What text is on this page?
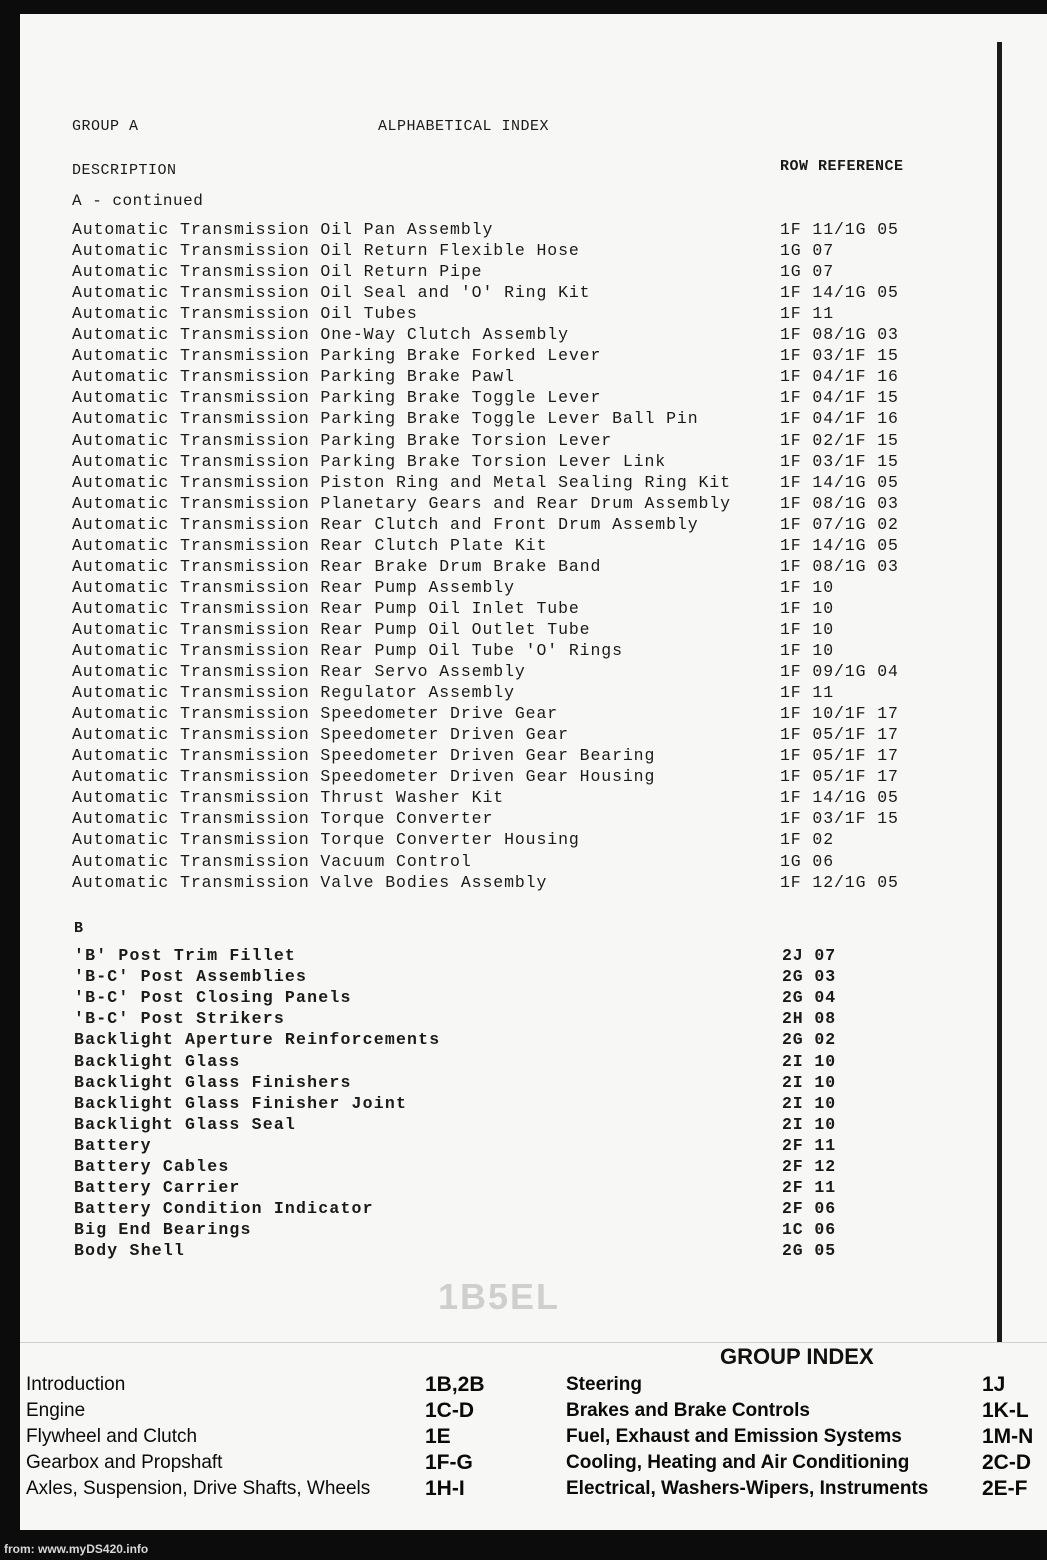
GROUP A	ALPHABETICAL INDEX
DESCRIPTION	ROW REFERENCE
A - continued
Automatic Transmission Oil Pan Assembly	1F 11/1G 05
Automatic Transmission Oil Return Flexible Hose	1G 07
Automatic Transmission Oil Return Pipe	1G 07
Automatic Transmission Oil Seal and 'O' Ring Kit	1F 14/1G 05
Automatic Transmission Oil Tubes	1F 11
Automatic Transmission One-Way Clutch Assembly	1F 08/1G 03
Automatic Transmission Parking Brake Forked Lever	1F 03/1F 15
Automatic Transmission Parking Brake Pawl	1F 04/1F 16
Automatic Transmission Parking Brake Toggle Lever	1F 04/1F 15
Automatic Transmission Parking Brake Toggle Lever Ball Pin	1F 04/1F 16
Automatic Transmission Parking Brake Torsion Lever	1F 02/1F 15
Automatic Transmission Parking Brake Torsion Lever Link	1F 03/1F 15
Automatic Transmission Piston Ring and Metal Sealing Ring Kit	1F 14/1G 05
Automatic Transmission Planetary Gears and Rear Drum Assembly	1F 08/1G 03
Automatic Transmission Rear Clutch and Front Drum Assembly	1F 07/1G 02
Automatic Transmission Rear Clutch Plate Kit	1F 14/1G 05
Automatic Transmission Rear Brake Drum Brake Band	1F 08/1G 03
Automatic Transmission Rear Pump Assembly	1F 10
Automatic Transmission Rear Pump Oil Inlet Tube	1F 10
Automatic Transmission Rear Pump Oil Outlet Tube	1F 10
Automatic Transmission Rear Pump Oil Tube 'O' Rings	1F 10
Automatic Transmission Rear Servo Assembly	1F 09/1G 04
Automatic Transmission Regulator Assembly	1F 11
Automatic Transmission Speedometer Drive Gear	1F 10/1F 17
Automatic Transmission Speedometer Driven Gear	1F 05/1F 17
Automatic Transmission Speedometer Driven Gear Bearing	1F 05/1F 17
Automatic Transmission Speedometer Driven Gear Housing	1F 05/1F 17
Automatic Transmission Thrust Washer Kit	1F 14/1G 05
Automatic Transmission Torque Converter	1F 03/1F 15
Automatic Transmission Torque Converter Housing	1F 02
Automatic Transmission Vacuum Control	1G 06
Automatic Transmission Valve Bodies Assembly	1F 12/1G 05
B
'B' Post Trim Fillet	2J 07
'B-C' Post Assemblies	2G 03
'B-C' Post Closing Panels	2G 04
'B-C' Post Strikers	2H 08
Backlight Aperture Reinforcements	2G 02
Backlight Glass	2I 10
Backlight Glass Finishers	2I 10
Backlight Glass Finisher Joint	2I 10
Backlight Glass Seal	2I 10
Battery	2F 11
Battery Cables	2F 12
Battery Carrier	2F 11
Battery Condition Indicator	2F 06
Big End Bearings	1C 06
Body Shell	2G 05
1B5EL
GROUP INDEX
Introduction	1B,2B
Engine	1C-D
Flywheel and Clutch	1E
Gearbox and Propshaft	1F-G
Axles, Suspension, Drive Shafts, Wheels	1H-I
Steering	1J
Brakes and Brake Controls	1K-L
Fuel, Exhaust and Emission Systems	1M-N
Cooling, Heating and Air Conditioning	2C-D
Electrical, Washers-Wipers, Instruments	2E-F
from: www.myDS420.info
